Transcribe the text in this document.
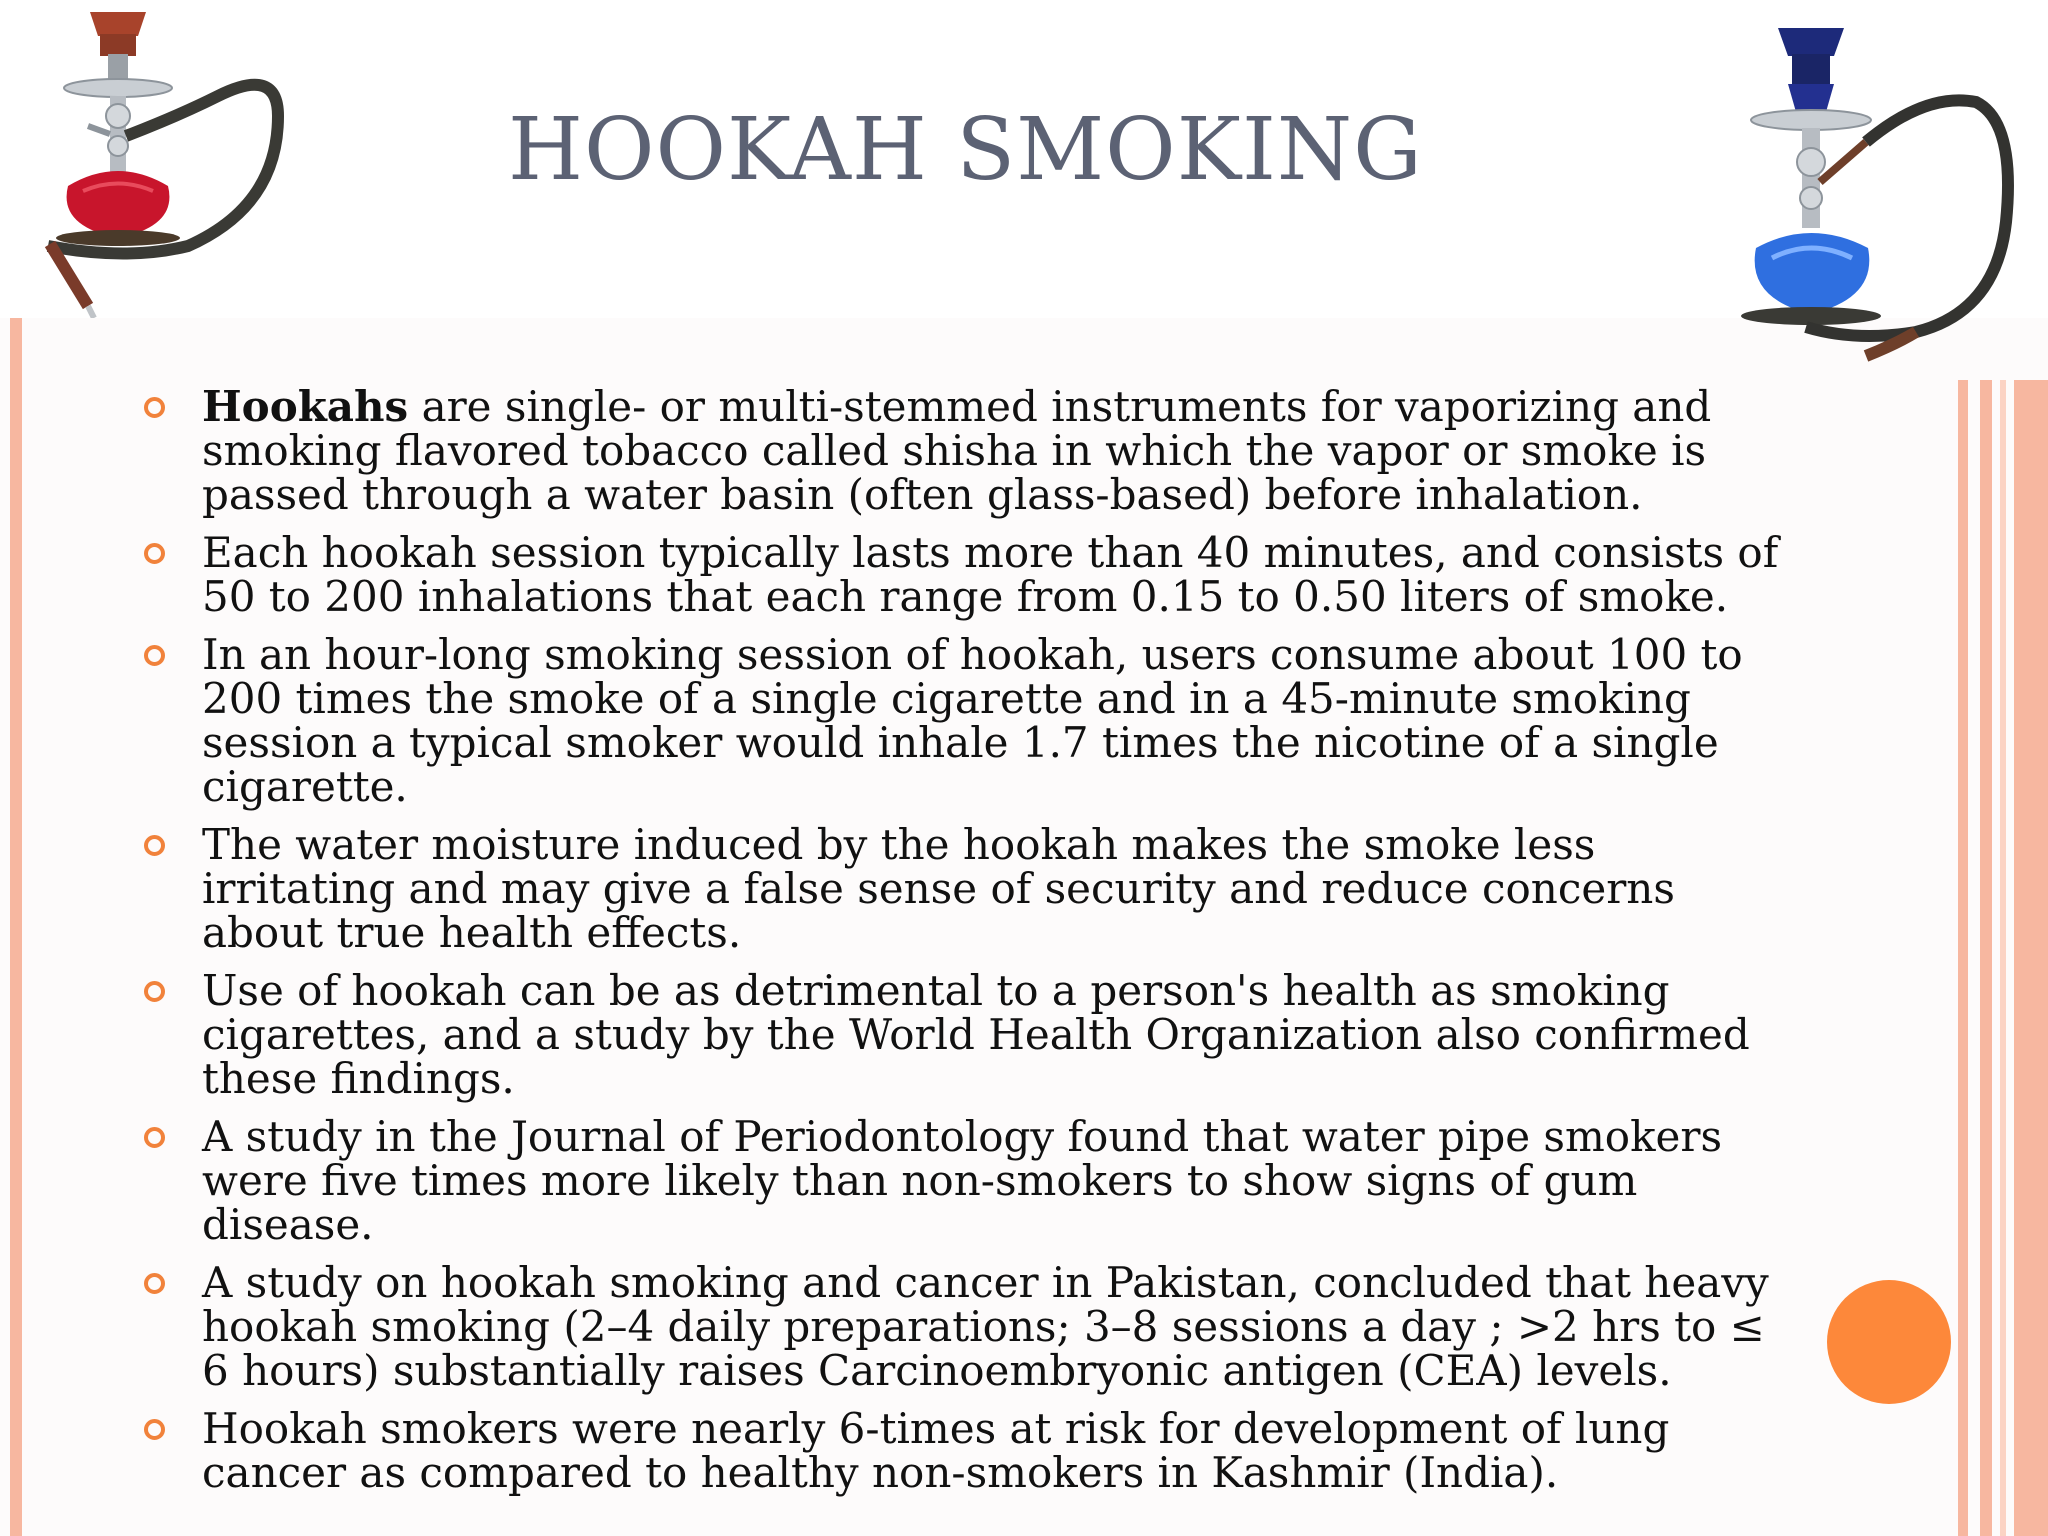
HOOKAH SMOKING
Hookahs are single- or multi-stemmed instruments for vaporizing and smoking flavored tobacco called shisha in which the vapor or smoke is passed through a water basin (often glass-based) before inhalation.
Each hookah session typically lasts more than 40 minutes, and consists of 50 to 200 inhalations that each range from 0.15 to 0.50 liters of smoke.
In an hour-long smoking session of hookah, users consume about 100 to 200 times the smoke of a single cigarette and in a 45-minute smoking session a typical smoker would inhale 1.7 times the nicotine of a single cigarette.
The water moisture induced by the hookah makes the smoke less irritating and may give a false sense of security and reduce concerns about true health effects.
Use of hookah can be as detrimental to a person's health as smoking cigarettes, and a study by the World Health Organization also confirmed these findings.
A study in the Journal of Periodontology found that water pipe smokers were five times more likely than non-smokers to show signs of gum disease.
A study on hookah smoking and cancer in Pakistan, concluded that heavy hookah smoking (2–4 daily preparations; 3–8 sessions a day ; >2 hrs to ≤ 6 hours) substantially raises Carcinoembryonic antigen (CEA) levels.
Hookah smokers were nearly 6-times at risk for development of lung cancer as compared to healthy non-smokers in Kashmir (India).
